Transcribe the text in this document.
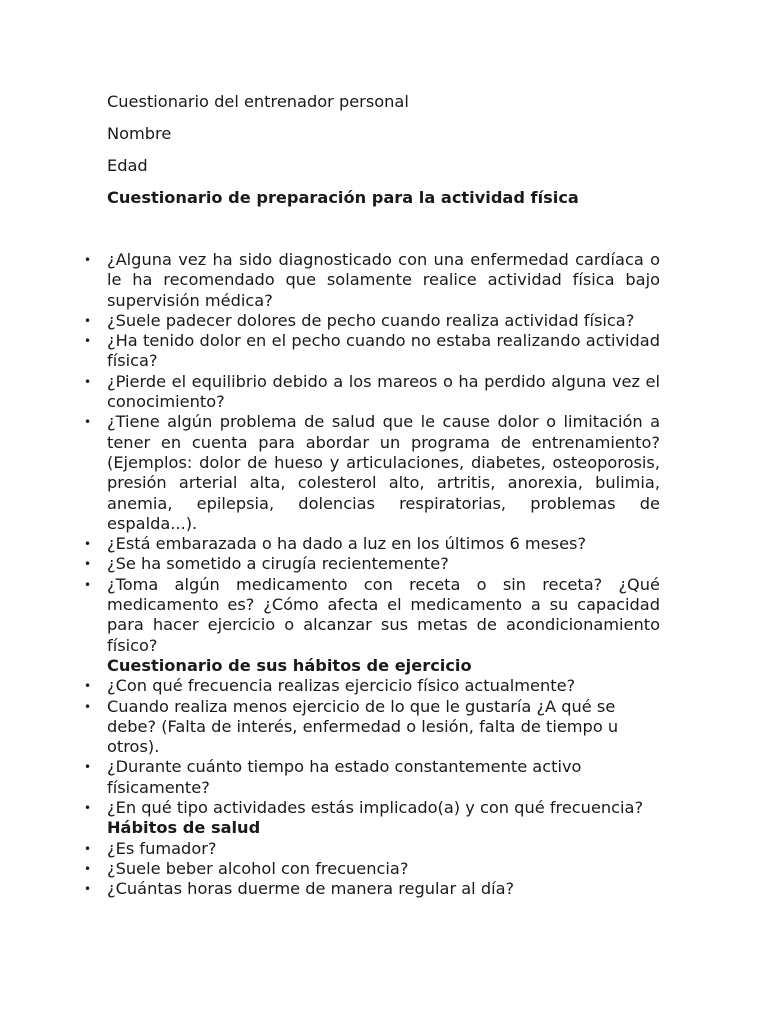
Cuestionario del entrenador personal

Nombre

Edad

Cuestionario de preparación para la actividad física

• ¿Alguna vez ha sido diagnosticado con una enfermedad cardíaca o le ha recomendado que solamente realice actividad física bajo supervisión médica?
• ¿Suele padecer dolores de pecho cuando realiza actividad física?
• ¿Ha tenido dolor en el pecho cuando no estaba realizando actividad física?
• ¿Pierde el equilibrio debido a los mareos o ha perdido alguna vez el conocimiento?
• ¿Tiene algún problema de salud que le cause dolor o limitación a tener en cuenta para abordar un programa de entrenamiento? (Ejemplos: dolor de hueso y articulaciones, diabetes, osteoporosis, presión arterial alta, colesterol alto, artritis, anorexia, bulimia, anemia, epilepsia, dolencias respiratorias, problemas de espalda...).
• ¿Está embarazada o ha dado a luz en los últimos 6 meses?
• ¿Se ha sometido a cirugía recientemente?
• ¿Toma algún medicamento con receta o sin receta? ¿Qué medicamento es? ¿Cómo afecta el medicamento a su capacidad para hacer ejercicio o alcanzar sus metas de acondicionamiento físico?

Cuestionario de sus hábitos de ejercicio

• ¿Con qué frecuencia realizas ejercicio físico actualmente?
• Cuando realiza menos ejercicio de lo que le gustaría ¿A qué se debe? (Falta de interés, enfermedad o lesión, falta de tiempo u otros).
• ¿Durante cuánto tiempo ha estado constantemente activo físicamente?
• ¿En qué tipo actividades estás implicado(a) y con qué frecuencia?

Hábitos de salud

• ¿Es fumador?
• ¿Suele beber alcohol con frecuencia?
• ¿Cuántas horas duerme de manera regular al día?
